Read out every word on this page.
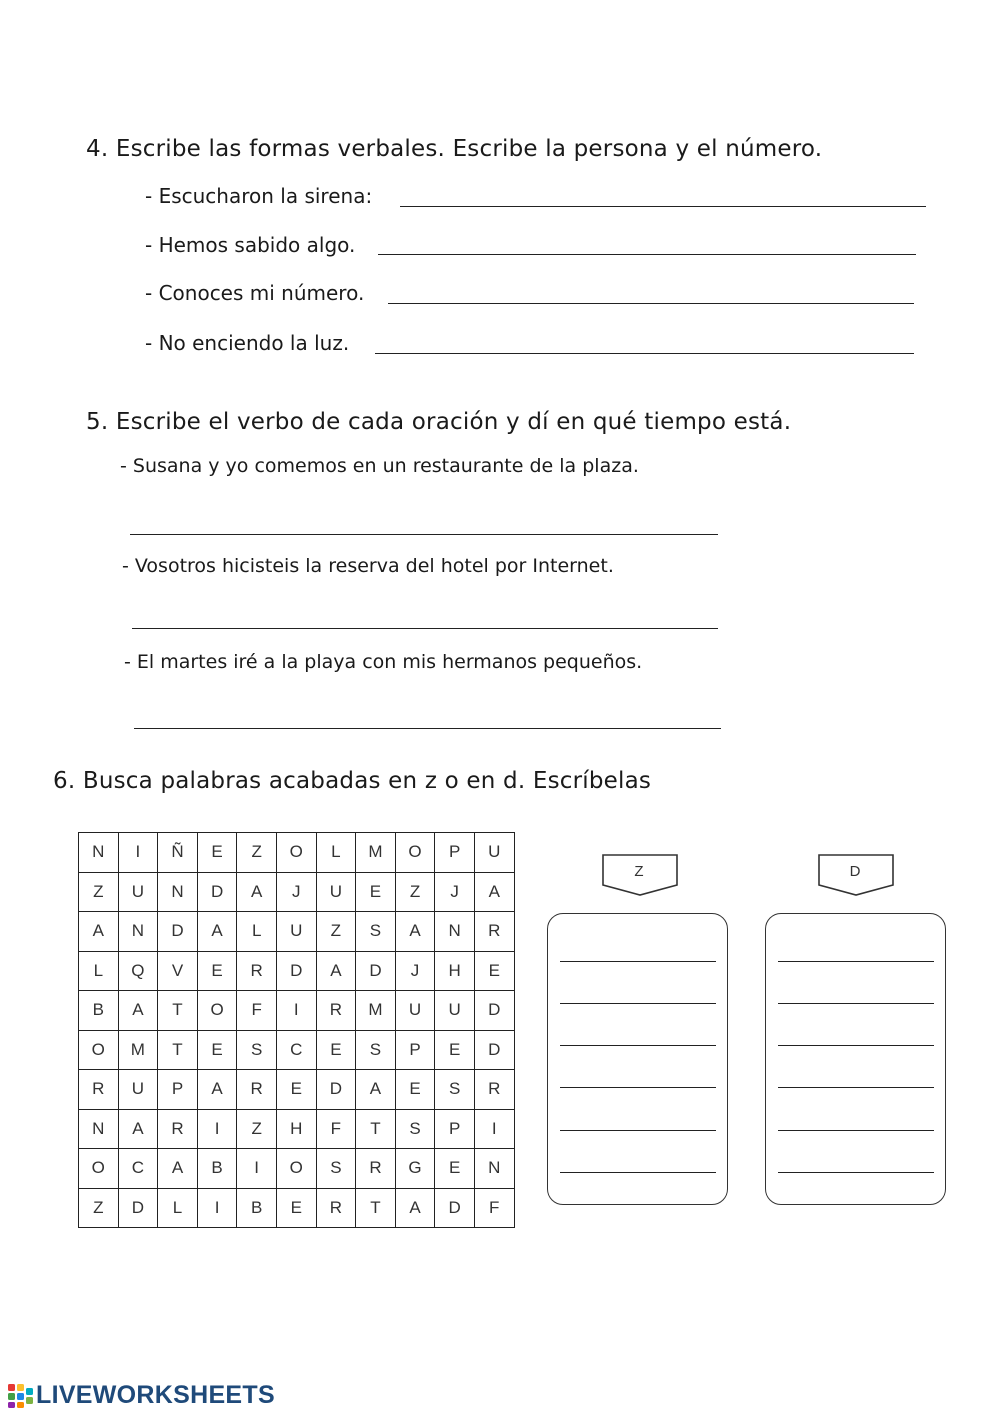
4. Escribe las formas verbales. Escribe la persona y el número.
- Escucharon la sirena:
- Hemos sabido algo.
- Conoces mi número.
- No enciendo la luz.
5. Escribe el verbo de cada oración y dí en qué tiempo está.
- Susana y yo comemos en un restaurante de la plaza.
- Vosotros hicisteis la reserva del hotel por Internet.
- El martes iré a la playa con mis hermanos pequeños.
6. Busca palabras acabadas en z o en d. Escríbelas
N	I	Ñ	E	Z	O	L	M	O	P	U
Z	U	N	D	A	J	U	E	Z	J	A
A	N	D	A	L	U	Z	S	A	N	R
L	Q	V	E	R	D	A	D	J	H	E
B	A	T	O	F	I	R	M	U	U	D
O	M	T	E	S	C	E	S	P	E	D
R	U	P	A	R	E	D	A	E	S	R
N	A	R	I	Z	H	F	T	S	P	I
O	C	A	B	I	O	S	R	G	E	N
Z	D	L	I	B	E	R	T	A	D	F
Z	D
LIVEWORKSHEETS
